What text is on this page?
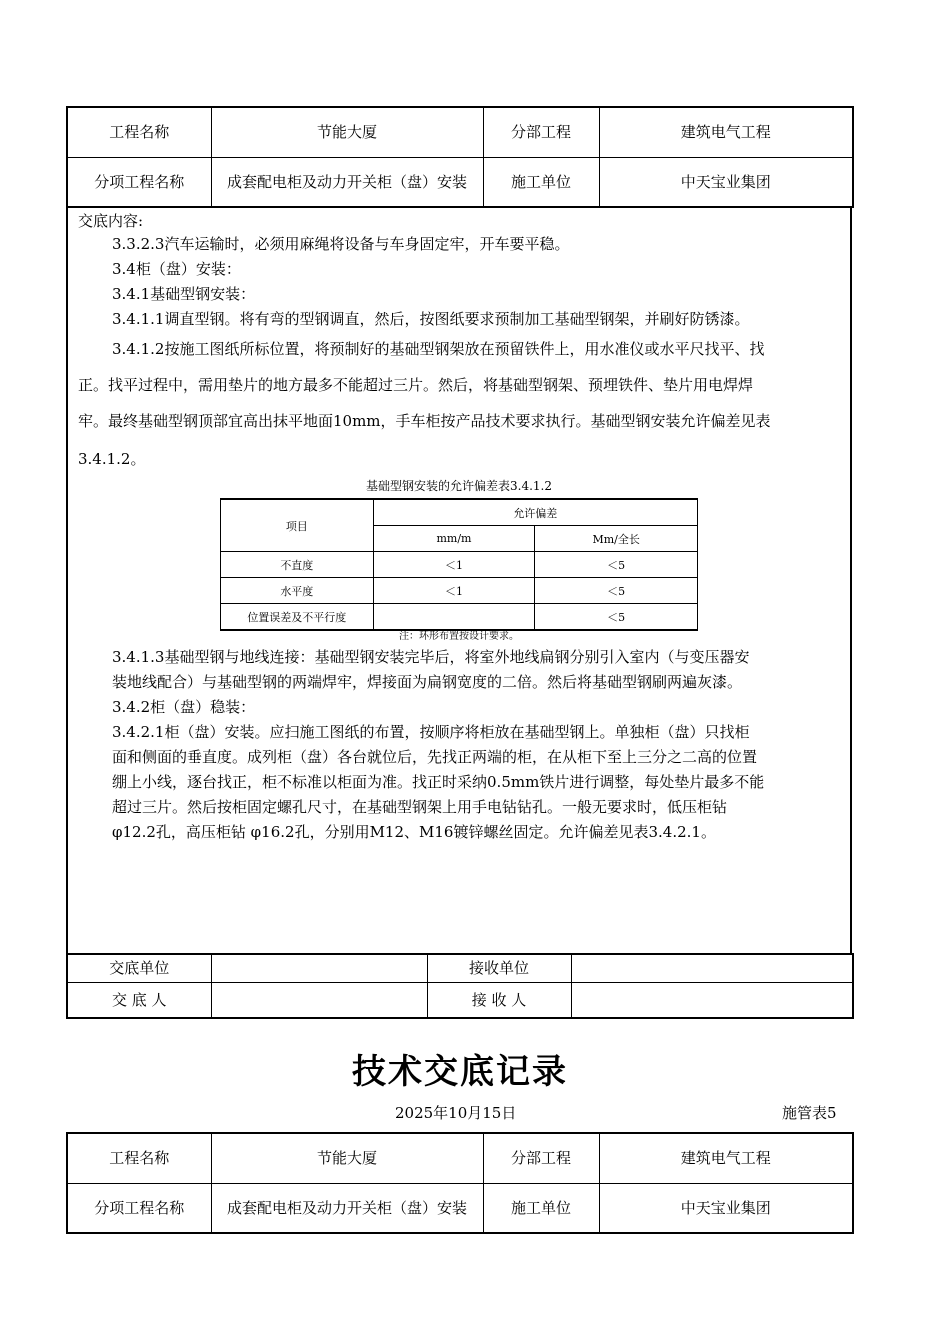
工程名称	节能大厦	分部工程	建筑电气工程
分项工程名称	成套配电柜及动力开关柜（盘）安装	施工单位	中天宝业集团

交底内容:

3.3.2.3汽车运输时，必须用麻绳将设备与车身固定牢，开车要平稳。

3.4柜（盘）安装：

3.4.1基础型钢安装：

3.4.1.1调直型钢。将有弯的型钢调直，然后，按图纸要求预制加工基础型钢架，并刷好防锈漆。

3.4.1.2按施工图纸所标位置，将预制好的基础型钢架放在预留铁件上，用水准仪或水平尺找平、找

正。找平过程中，需用垫片的地方最多不能超过三片。然后，将基础型钢架、预埋铁件、垫片用电焊焊

牢。最终基础型钢顶部宜高出抹平地面10mm，手车柜按产品技术要求执行。基础型钢安装允许偏差见表

3.4.1.2。

3.4.1.3基础型钢与地线连接：基础型钢安装完毕后，将室外地线扁钢分别引入室内（与变压器安

装地线配合）与基础型钢的两端焊牢，焊接面为扁钢宽度的二倍。然后将基础型钢刷两遍灰漆。

3.4.2柜（盘）稳装：

3.4.2.1柜（盘）安装。应扫施工图纸的布置，按顺序将柜放在基础型钢上。单独柜（盘）只找柜

面和侧面的垂直度。成列柜（盘）各台就位后，先找正两端的柜，在从柜下至上三分之二高的位置

绷上小线，逐台找正，柜不标准以柜面为准。找正时采纳0.5mm铁片进行调整，每处垫片最多不能

超过三片。然后按柜固定螺孔尺寸，在基础型钢架上用手电钻钻孔。一般无要求时，低压柜钻

φ12.2孔，高压柜钻 φ16.2孔，分别用M12、M16镀锌螺丝固定。允许偏差见表3.4.2.1。

基础型钢安装的允许偏差表3.4.1.2
项目	允许偏差	
	mm/m	Mm/全长
不直度	＜1	＜5
水平度	＜1	＜5
位置误差及不平行度		＜5
注：环形布置按设计要求。
交底单位		接收单位	
交 底 人		接 收 人	
技术交底记录
2025年10月15日	施管表5
工程名称	节能大厦	分部工程	建筑电气工程
分项工程名称	成套配电柜及动力开关柜（盘）安装	施工单位	中天宝业集团
